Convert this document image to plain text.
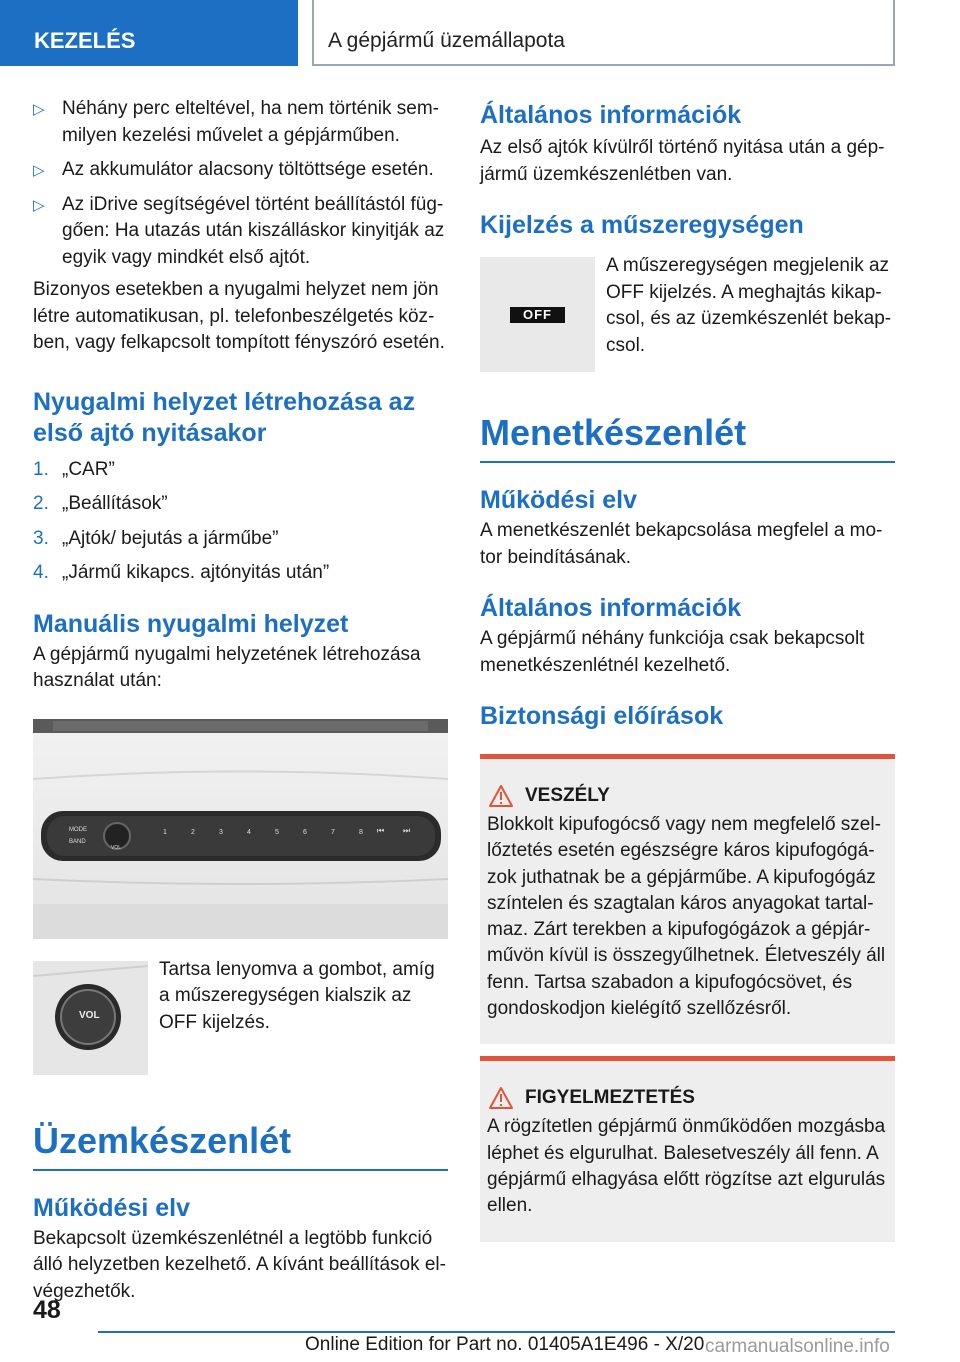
KEZELÉS	A gépjármű üzemállapota
▷ Néhány perc elteltével, ha nem történik sem-milyen kezelési művelet a gépjárműben.
▷ Az akkumulátor alacsony töltöttsége esetén.
▷ Az iDrive segítségével történt beállítástól füg-gően: Ha utazás után kiszálláskor kinyitják az egyik vagy mindkét első ajtót.

Bizonyos esetekben a nyugalmi helyzet nem jön létre automatikusan, pl. telefonbeszélgetés köz-ben, vagy felkapcsolt tompított fényszóró esetén.

Nyugalmi helyzet létrehozása az első ajtó nyitásakor
1. „CAR”
2. „Beállítások”
3. „Ajtók/ bejutás a járműbe”
4. „Jármű kikapcs. ajtónyitás után”
Manuális nyugalmi helyzet

A gépjármű nyugalmi helyzetének létrehozása használat után:

MODE
BAND
VOL
1	2	3	4	5	6	7	8 ⏮ ⏭
VOL

Tartsa lenyomva a gombot, amíg a műszeregységen kialszik az OFF kijelzés.

Üzemkészenlét
Működési elv

Bekapcsolt üzemkészenlétnél a legtöbb funkció álló helyzetben kezelhető. A kívánt beállítások el-végezhetők.

Általános információk

Az első ajtók kívülről történő nyitása után a gép-jármű üzemkészenlétben van.

Kijelzés a műszeregységen
OFF

A műszeregységen megjelenik az OFF kijelzés. A meghajtás kikap-csol, és az üzemkészenlét bekap-csol.

Menetkészenlét
Működési elv

A menetkészenlét bekapcsolása megfelel a mo-tor beindításának.

Általános információk

A gépjármű néhány funkciója csak bekapcsolt menetkészenlétnél kezelhető.

Biztonsági előírások
VESZÉLY

Blokkolt kipufogócső vagy nem megfelelő szel-lőztetés esetén egészségre káros kipufogógá-zok juthatnak be a gépjárműbe. A kipufogógáz színtelen és szagtalan káros anyagokat tartal-maz. Zárt terekben a kipufogógázok a gépjár-művön kívül is összegyűlhetnek. Életveszély áll fenn. Tartsa szabadon a kipufogócsövet, és gondoskodjon kielégítő szellőzésről.

FIGYELMEZTETÉS

A rögzítetlen gépjármű önműködően mozgásba léphet és elgurulhat. Balesetveszély áll fenn. A gépjármű elhagyása előtt rögzítse azt elgurulás ellen.

48
Online Edition for Part no. 01405A1E496 - X/20 carmanualsonline.info
